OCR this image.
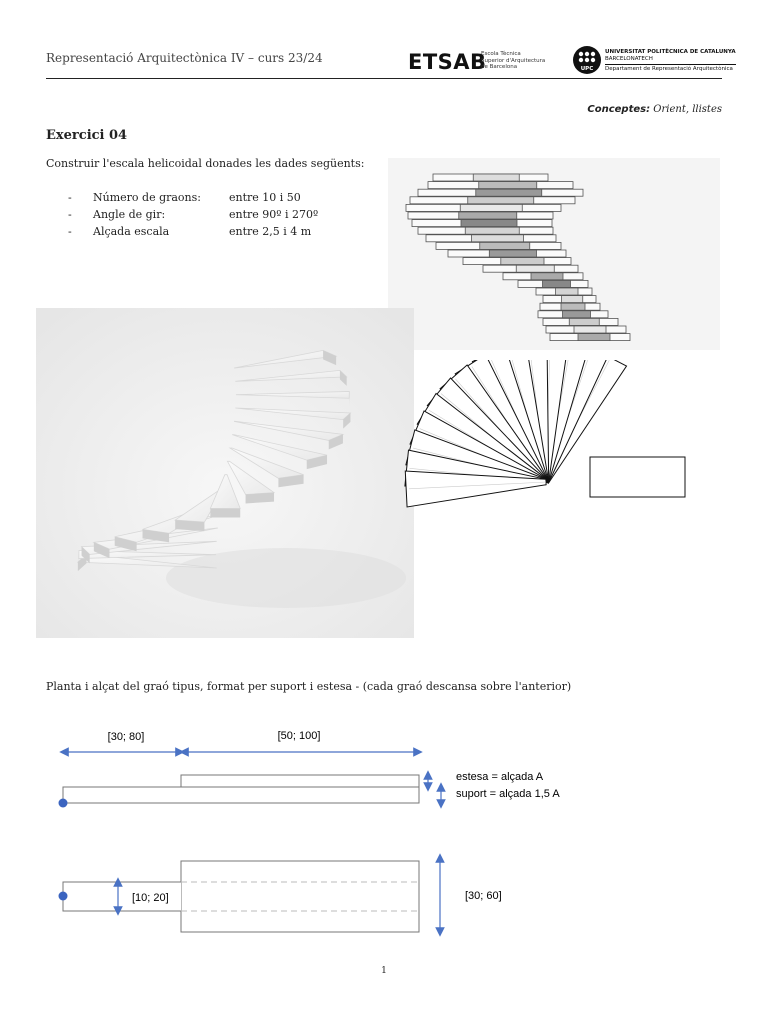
Representació Arquitectònica IV – curs 23/24	ETSAB
Escola Tècnica
Superior d'Arquitectura
de Barcelona	UPC
UNIVERSITAT POLITÈCNICA DE CATALUNYA
BARCELONATECH
Departament de Representació Arquitectònica
Conceptes: Orient, llistes
Exercici 04
Construir l'escala helicoidal donades les dades següents:
-	Número de graons:	entre 10 i 50
-	Angle de gir:	entre 90º i 270º
-	Alçada escala	entre 2,5 i 4 m
Planta i alçat del graó tipus, format per suport i estesa - (cada graó descansa sobre l'anterior)
[30; 80]	[50; 100]
estesa = alçada A
suport = alçada 1,5 A
[10; 20]	[30; 60]
1
